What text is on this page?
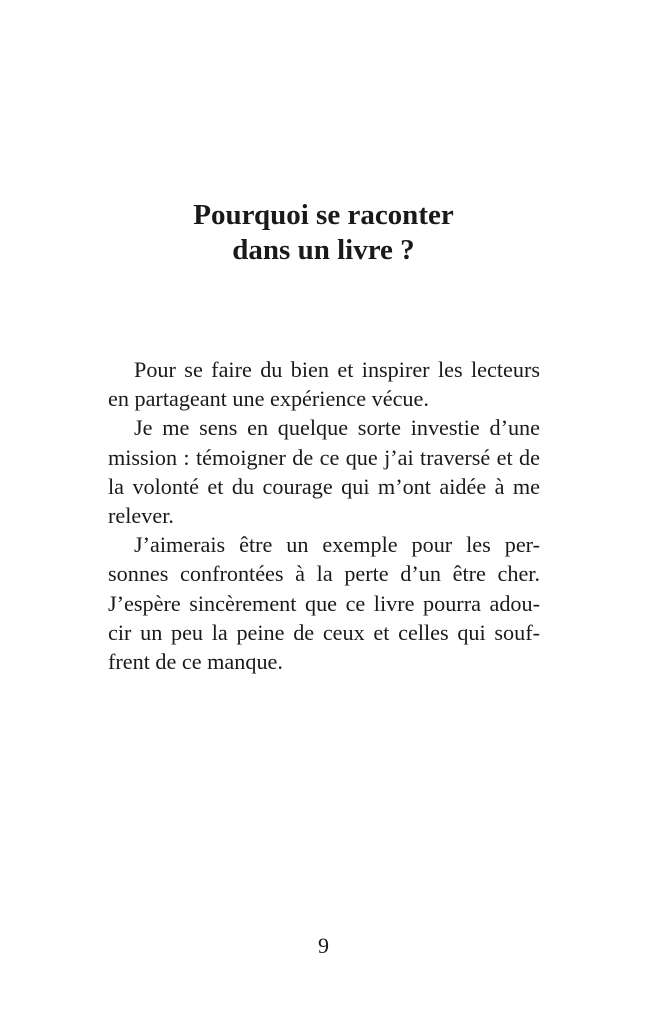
Pourquoi se raconter
dans un livre ?
Pour se faire du bien et inspirer les lecteurs
en partageant une expérience vécue.
Je me sens en quelque sorte investie d’une
mission : témoigner de ce que j’ai traversé et de
la volonté et du courage qui m’ont aidée à me
relever.
J’aimerais être un exemple pour les per-
sonnes confrontées à la perte d’un être cher.
J’espère sincèrement que ce livre pourra adou-
cir un peu la peine de ceux et celles qui souf-
frent de ce manque.
9
